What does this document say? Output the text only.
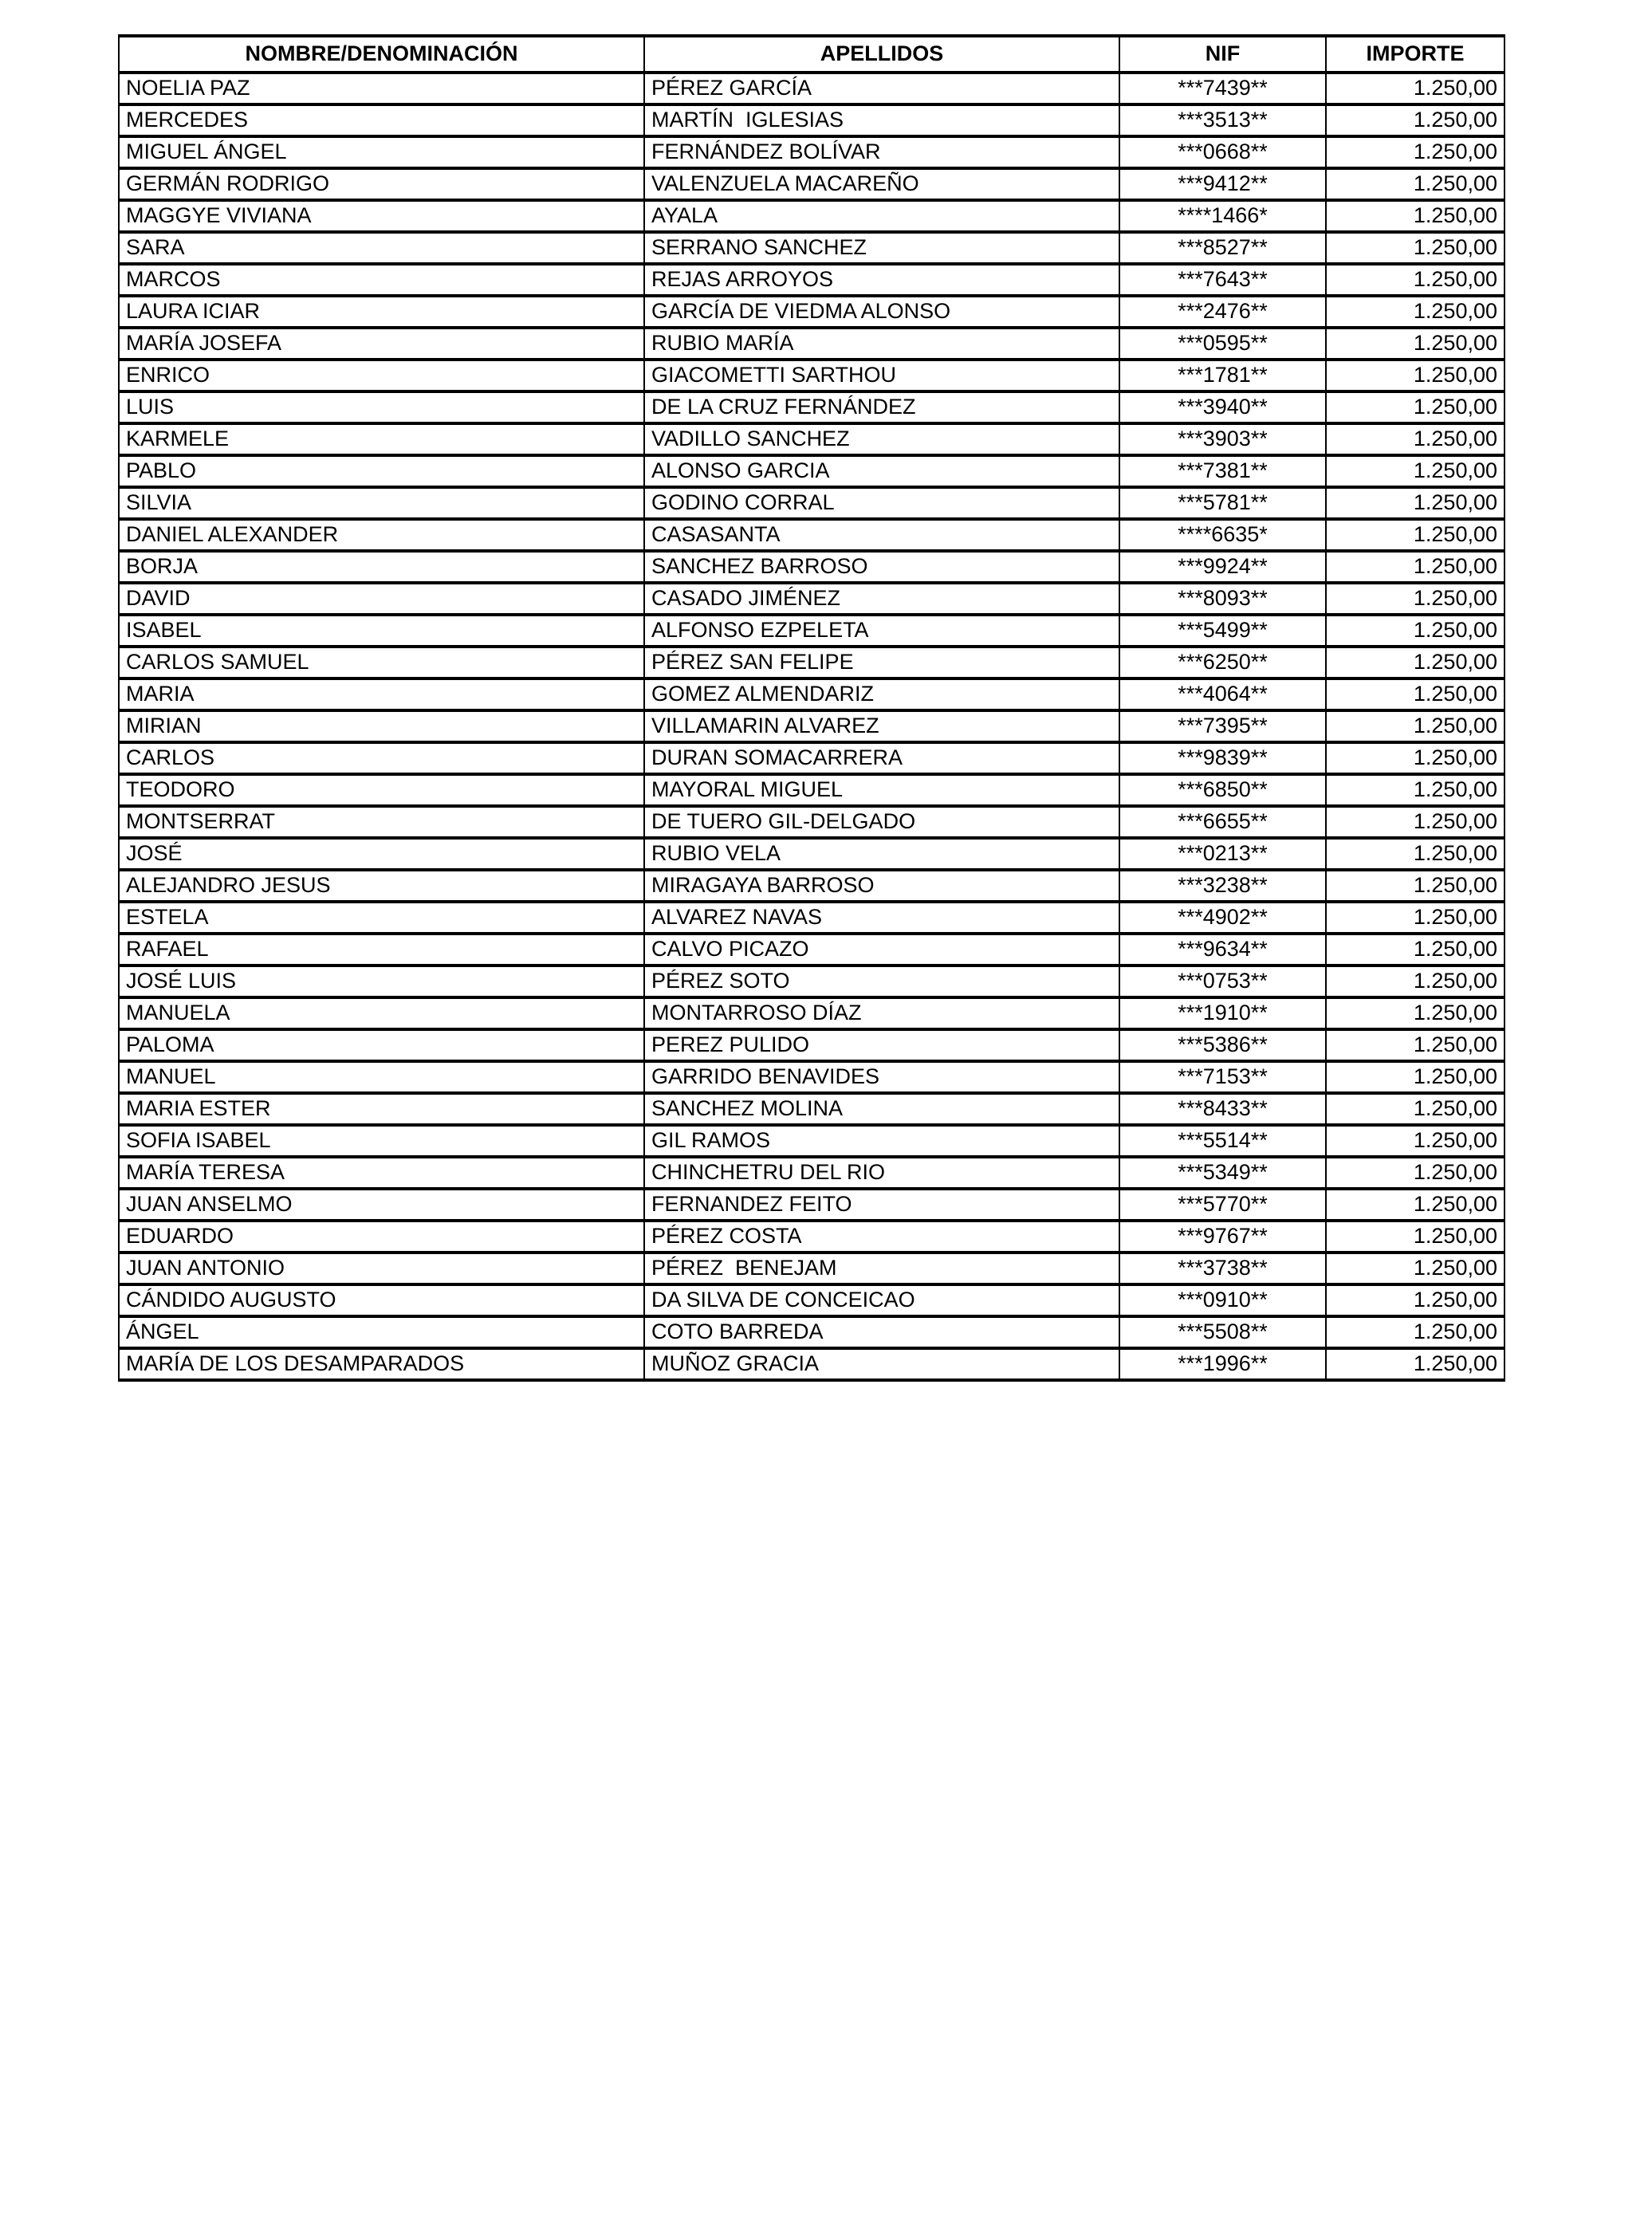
NOMBRE/DENOMINACIÓN	APELLIDOS	NIF	IMPORTE
NOELIA PAZ	PÉREZ GARCÍA	***7439**	1.250,00
MERCEDES	MARTÍN  IGLESIAS	***3513**	1.250,00
MIGUEL ÁNGEL	FERNÁNDEZ BOLÍVAR	***0668**	1.250,00
GERMÁN RODRIGO	VALENZUELA MACAREÑO	***9412**	1.250,00
MAGGYE VIVIANA	AYALA	****1466*	1.250,00
SARA	SERRANO SANCHEZ	***8527**	1.250,00
MARCOS	REJAS ARROYOS	***7643**	1.250,00
LAURA ICIAR	GARCÍA DE VIEDMA ALONSO	***2476**	1.250,00
MARÍA JOSEFA	RUBIO MARÍA	***0595**	1.250,00
ENRICO	GIACOMETTI SARTHOU	***1781**	1.250,00
LUIS	DE LA CRUZ FERNÁNDEZ	***3940**	1.250,00
KARMELE	VADILLO SANCHEZ	***3903**	1.250,00
PABLO	ALONSO GARCIA	***7381**	1.250,00
SILVIA	GODINO CORRAL	***5781**	1.250,00
DANIEL ALEXANDER	CASASANTA	****6635*	1.250,00
BORJA	SANCHEZ BARROSO	***9924**	1.250,00
DAVID	CASADO JIMÉNEZ	***8093**	1.250,00
ISABEL	ALFONSO EZPELETA	***5499**	1.250,00
CARLOS SAMUEL	PÉREZ SAN FELIPE	***6250**	1.250,00
MARIA	GOMEZ ALMENDARIZ	***4064**	1.250,00
MIRIAN	VILLAMARIN ALVAREZ	***7395**	1.250,00
CARLOS	DURAN SOMACARRERA	***9839**	1.250,00
TEODORO	MAYORAL MIGUEL	***6850**	1.250,00
MONTSERRAT	DE TUERO GIL-DELGADO	***6655**	1.250,00
JOSÉ	RUBIO VELA	***0213**	1.250,00
ALEJANDRO JESUS	MIRAGAYA BARROSO	***3238**	1.250,00
ESTELA	ALVAREZ NAVAS	***4902**	1.250,00
RAFAEL	CALVO PICAZO	***9634**	1.250,00
JOSÉ LUIS	PÉREZ SOTO	***0753**	1.250,00
MANUELA	MONTARROSO DÍAZ	***1910**	1.250,00
PALOMA	PEREZ PULIDO	***5386**	1.250,00
MANUEL	GARRIDO BENAVIDES	***7153**	1.250,00
MARIA ESTER	SANCHEZ MOLINA	***8433**	1.250,00
SOFIA ISABEL	GIL RAMOS	***5514**	1.250,00
MARÍA TERESA	CHINCHETRU DEL RIO	***5349**	1.250,00
JUAN ANSELMO	FERNANDEZ FEITO	***5770**	1.250,00
EDUARDO	PÉREZ COSTA	***9767**	1.250,00
JUAN ANTONIO	PÉREZ  BENEJAM	***3738**	1.250,00
CÁNDIDO AUGUSTO	DA SILVA DE CONCEICAO	***0910**	1.250,00
ÁNGEL	COTO BARREDA	***5508**	1.250,00
MARÍA DE LOS DESAMPARADOS	MUÑOZ GRACIA	***1996**	1.250,00
